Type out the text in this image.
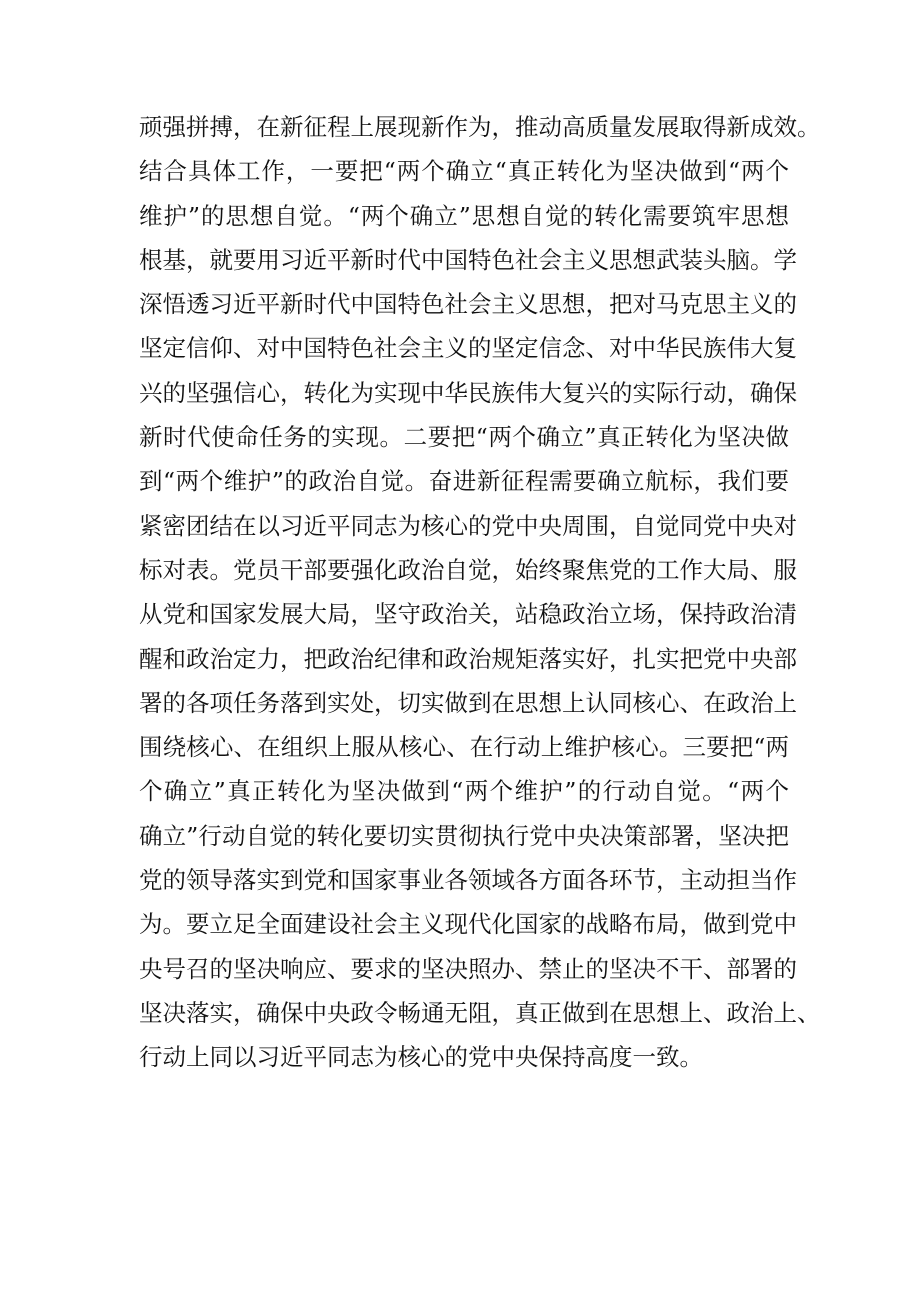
顽强拼搏，在新征程上展现新作为，推动高质量发展取得新成效。
结合具体工作，一要把“两个确立“真正转化为坚决做到“两个
维护”的思想自觉。“两个确立”思想自觉的转化需要筑牢思想
根基，就要用习近平新时代中国特色社会主义思想武装头脑。学
深悟透习近平新时代中国特色社会主义思想，把对马克思主义的
坚定信仰、对中国特色社会主义的坚定信念、对中华民族伟大复
兴的坚强信心，转化为实现中华民族伟大复兴的实际行动，确保
新时代使命任务的实现。二要把“两个确立”真正转化为坚决做
到“两个维护”的政治自觉。奋进新征程需要确立航标，我们要
紧密团结在以习近平同志为核心的党中央周围，自觉同党中央对
标对表。党员干部要强化政治自觉，始终聚焦党的工作大局、服
从党和国家发展大局，坚守政治关，站稳政治立场，保持政治清
醒和政治定力，把政治纪律和政治规矩落实好，扎实把党中央部
署的各项任务落到实处，切实做到在思想上认同核心、在政治上
围绕核心、在组织上服从核心、在行动上维护核心。三要把“两
个确立”真正转化为坚决做到“两个维护”的行动自觉。“两个
确立”行动自觉的转化要切实贯彻执行党中央决策部署，坚决把
党的领导落实到党和国家事业各领域各方面各环节，主动担当作
为。要立足全面建设社会主义现代化国家的战略布局，做到党中
央号召的坚决响应、要求的坚决照办、禁止的坚决不干、部署的
坚决落实，确保中央政令畅通无阻，真正做到在思想上、政治上、
行动上同以习近平同志为核心的党中央保持高度一致。
